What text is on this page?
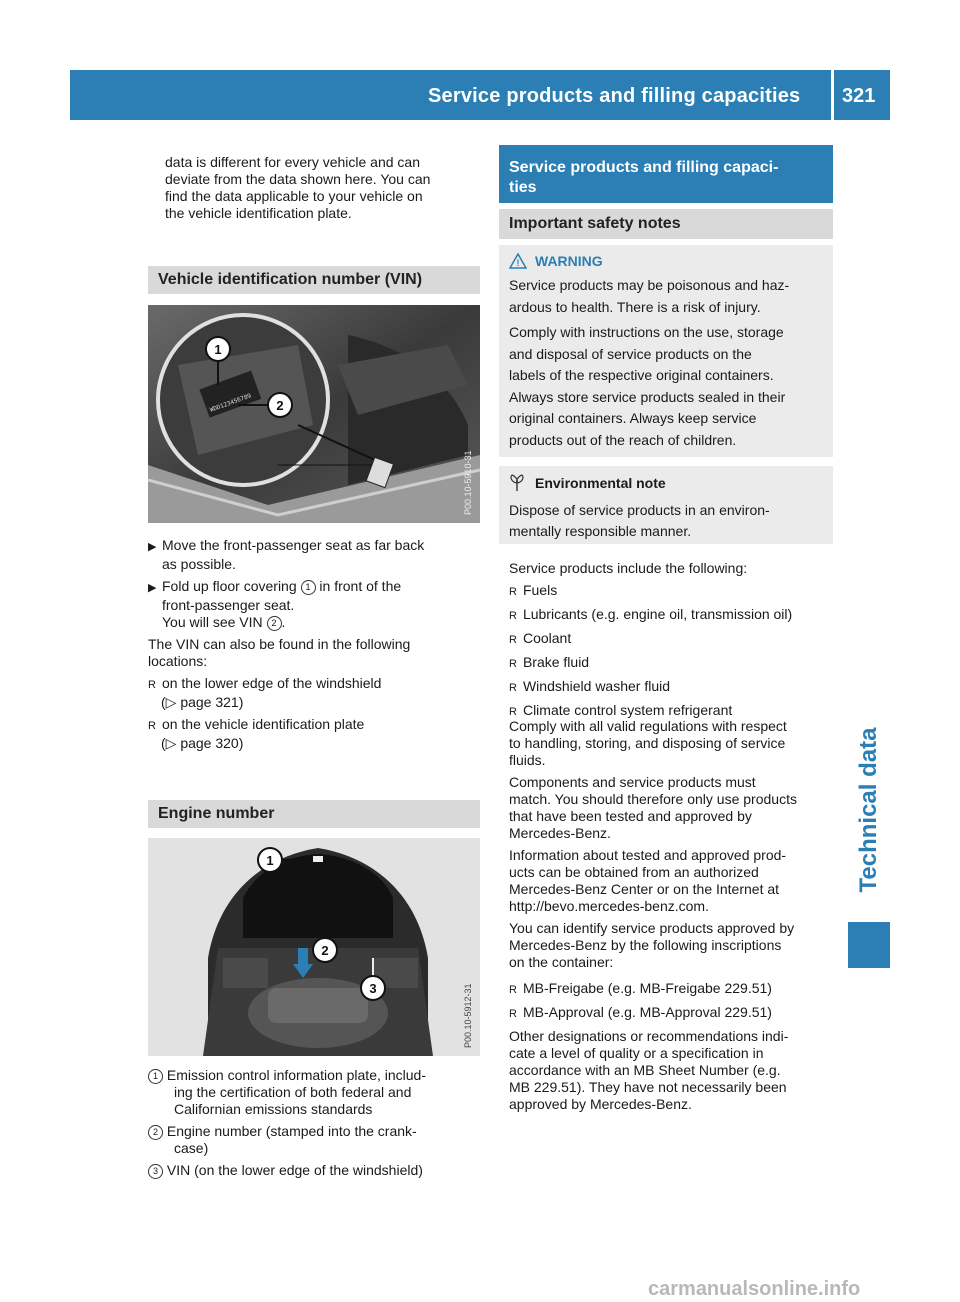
Service products and filling capacities 321

data is different for every vehicle and can

deviate from the data shown here. You can

find the data applicable to your vehicle on

the vehicle identification plate.

Vehicle identification number (VIN)
WDD123456789
1
2
P00.10-5910-31

▶ Move the front-passenger seat as far back

as possible.

▶ Fold up floor covering 1 in front of the

front-passenger seat.

You will see VIN 2 .

The VIN can also be found in the following

locations:

R on the lower edge of the windshield

(▷ page 321)

R on the vehicle identification plate

(▷ page 320)

Engine number
1
2
3	P00.10-5912-31

1 Emission control information plate, includ-

ing the certification of both federal and

Californian emissions standards

2 Engine number (stamped into the crank-

case)

3 VIN (on the lower edge of the windshield)

Service products and filling capaci-
ties
Important safety notes
! WARNING
Service products may be poisonous and haz-
ardous to health. There is a risk of injury.
Comply with instructions on the use, storage
and disposal of service products on the
labels of the respective original containers.
Always store service products sealed in their
original containers. Always keep service
products out of the reach of children.
Environmental note
Dispose of service products in an environ-
mentally responsible manner.
Service products include the following:
R Fuels
R Lubricants (e.g. engine oil, transmission oil)
R Coolant
R Brake fluid
R Windshield washer fluid
R Climate control system refrigerant

Comply with all valid regulations with respect

to handling, storing, and disposing of service

fluids.

Components and service products must

match. You should therefore only use products

that have been tested and approved by

Mercedes-Benz.

Information about tested and approved prod-

ucts can be obtained from an authorized

Mercedes-Benz Center or on the Internet at

http://bevo.mercedes-benz.com.

You can identify service products approved by

Mercedes-Benz by the following inscriptions

on the container:

R MB-Freigabe (e.g. MB-Freigabe 229.51)

R MB-Approval (e.g. MB-Approval 229.51)

Other designations or recommendations indi-

cate a level of quality or a specification in

accordance with an MB Sheet Number (e.g.

MB 229.51). They have not necessarily been

approved by Mercedes-Benz.

Technical data
carmanualsonline.info
